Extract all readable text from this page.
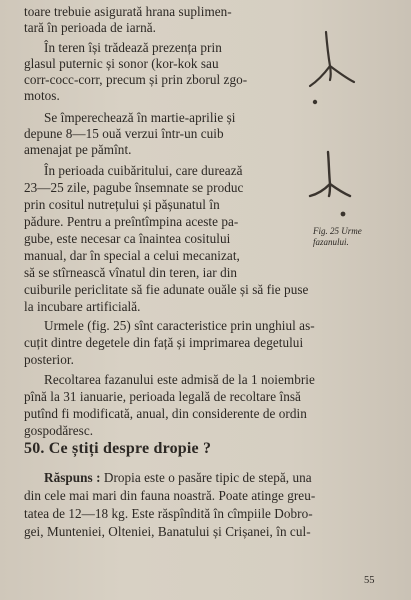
toare trebuie asigurată hrana suplimen-
tară în perioada de iarnă.
În teren își trădează prezența prin
glasul puternic și sonor (kor-kok sau
corr-cocc-corr, precum și prin zborul zgo-
motos.
Se împerechează în martie-aprilie și
depune 8—15 ouă verzui într-un cuib
amenajat pe pămînt.
În perioada cuibăritului, care durează
23—25 zile, pagube însemnate se produc
prin cositul nutrețului și pășunatul în
pădure. Pentru a preîntîmpina aceste pa-
gube, este necesar ca înaintea cositului
manual, dar în special a celui mecanizat,
să se stîrnească vînatul din teren, iar din
cuiburile periclitate să fie adunate ouăle și să fie puse
la incubare artificială.
Urmele (fig. 25) sînt caracteristice prin unghiul as-
cuțit dintre degetele din față și imprimarea degetului
posterior.
Recoltarea fazanului este admisă de la 1 noiembrie
pînă la 31 ianuarie, perioada legală de recoltare însă
putînd fi modificată, anual, din considerente de ordin
gospodăresc.
Fig. 25 Urme fazanului.
50. Ce știți despre dropie ?
Răspuns : Dropia este o pasăre tipic de stepă, una
din cele mai mari din fauna noastră. Poate atinge greu-
tatea de 12—18 kg. Este răspîndită în cîmpiile Dobro-
gei, Munteniei, Olteniei, Banatului și Crișanei, în cul-
55
